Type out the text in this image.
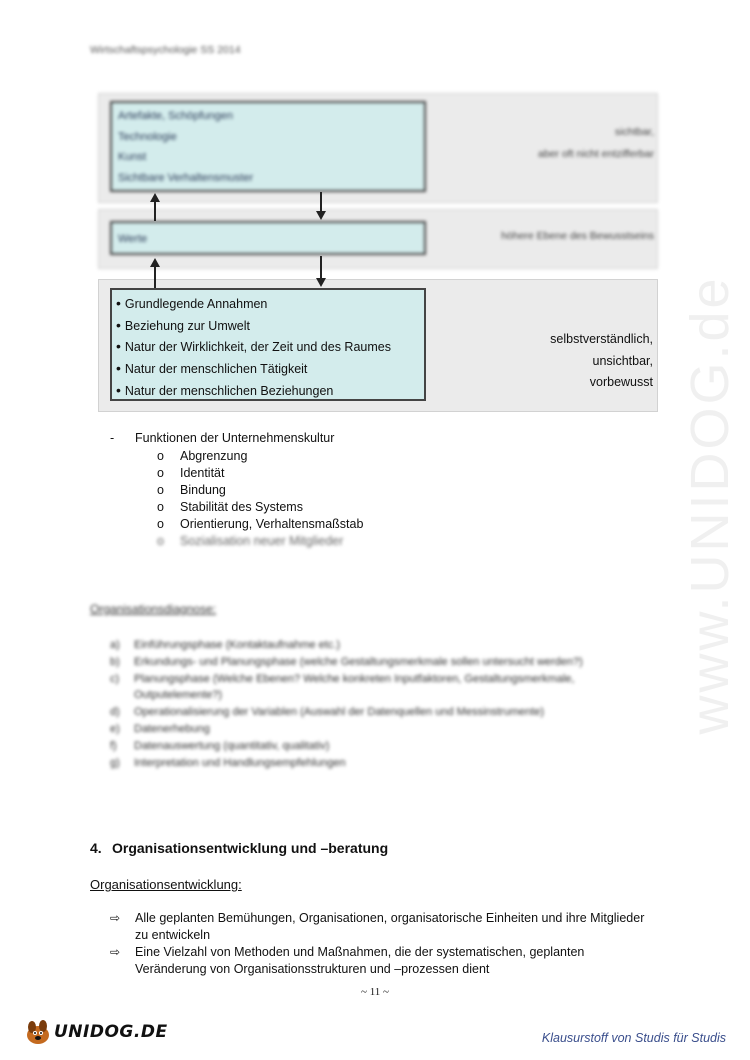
Wirtschaftspsychologie SS 2014
Artefakte, Schöpfungen
Technologie
Kunst
Sichtbare Verhaltensmuster
sichtbar,
aber oft nicht entzifferbar
Werte	höhere Ebene des Bewusstseins
• Grundlegende Annahmen
• Beziehung zur Umwelt
• Natur der Wirklichkeit, der Zeit und des Raumes
• Natur der menschlichen Tätigkeit
• Natur der menschlichen Beziehungen
selbstverständlich,
unsichtbar,
vorbewusst
- Funktionen der Unternehmenskultur
o Abgrenzung
o Identität
o Bindung
o Stabilität des Systems
o Orientierung, Verhaltensmaßstab
o Sozialisation neuer Mitglieder
Organisationsdiagnose:
a) Einführungsphase (Kontaktaufnahme etc.)
b) Erkundungs- und Planungsphase (welche Gestaltungsmerkmale sollen untersucht werden?)
c) Planungsphase (Welche Ebenen? Welche konkreten Inputfaktoren, Gestaltungsmerkmale,
Outputelemente?)
d) Operationalisierung der Variablen (Auswahl der Datenquellen und Messinstrumente)
e) Datenerhebung
f) Datenauswertung (quantitativ, qualitativ)
g) Interpretation und Handlungsempfehlungen
4. Organisationsentwicklung und –beratung
Organisationsentwicklung:
⇨	Alle geplanten Bemühungen, Organisationen, organisatorische Einheiten und ihre Mitglieder zu entwickeln
⇨	Eine Vielzahl von Methoden und Maßnahmen, die der systematischen, geplanten Veränderung von Organisationsstrukturen und –prozessen dient
~ 11 ~
www.UNIDOG.de
UNIDOG.DE	Klausurstoff von Studis für Studis
